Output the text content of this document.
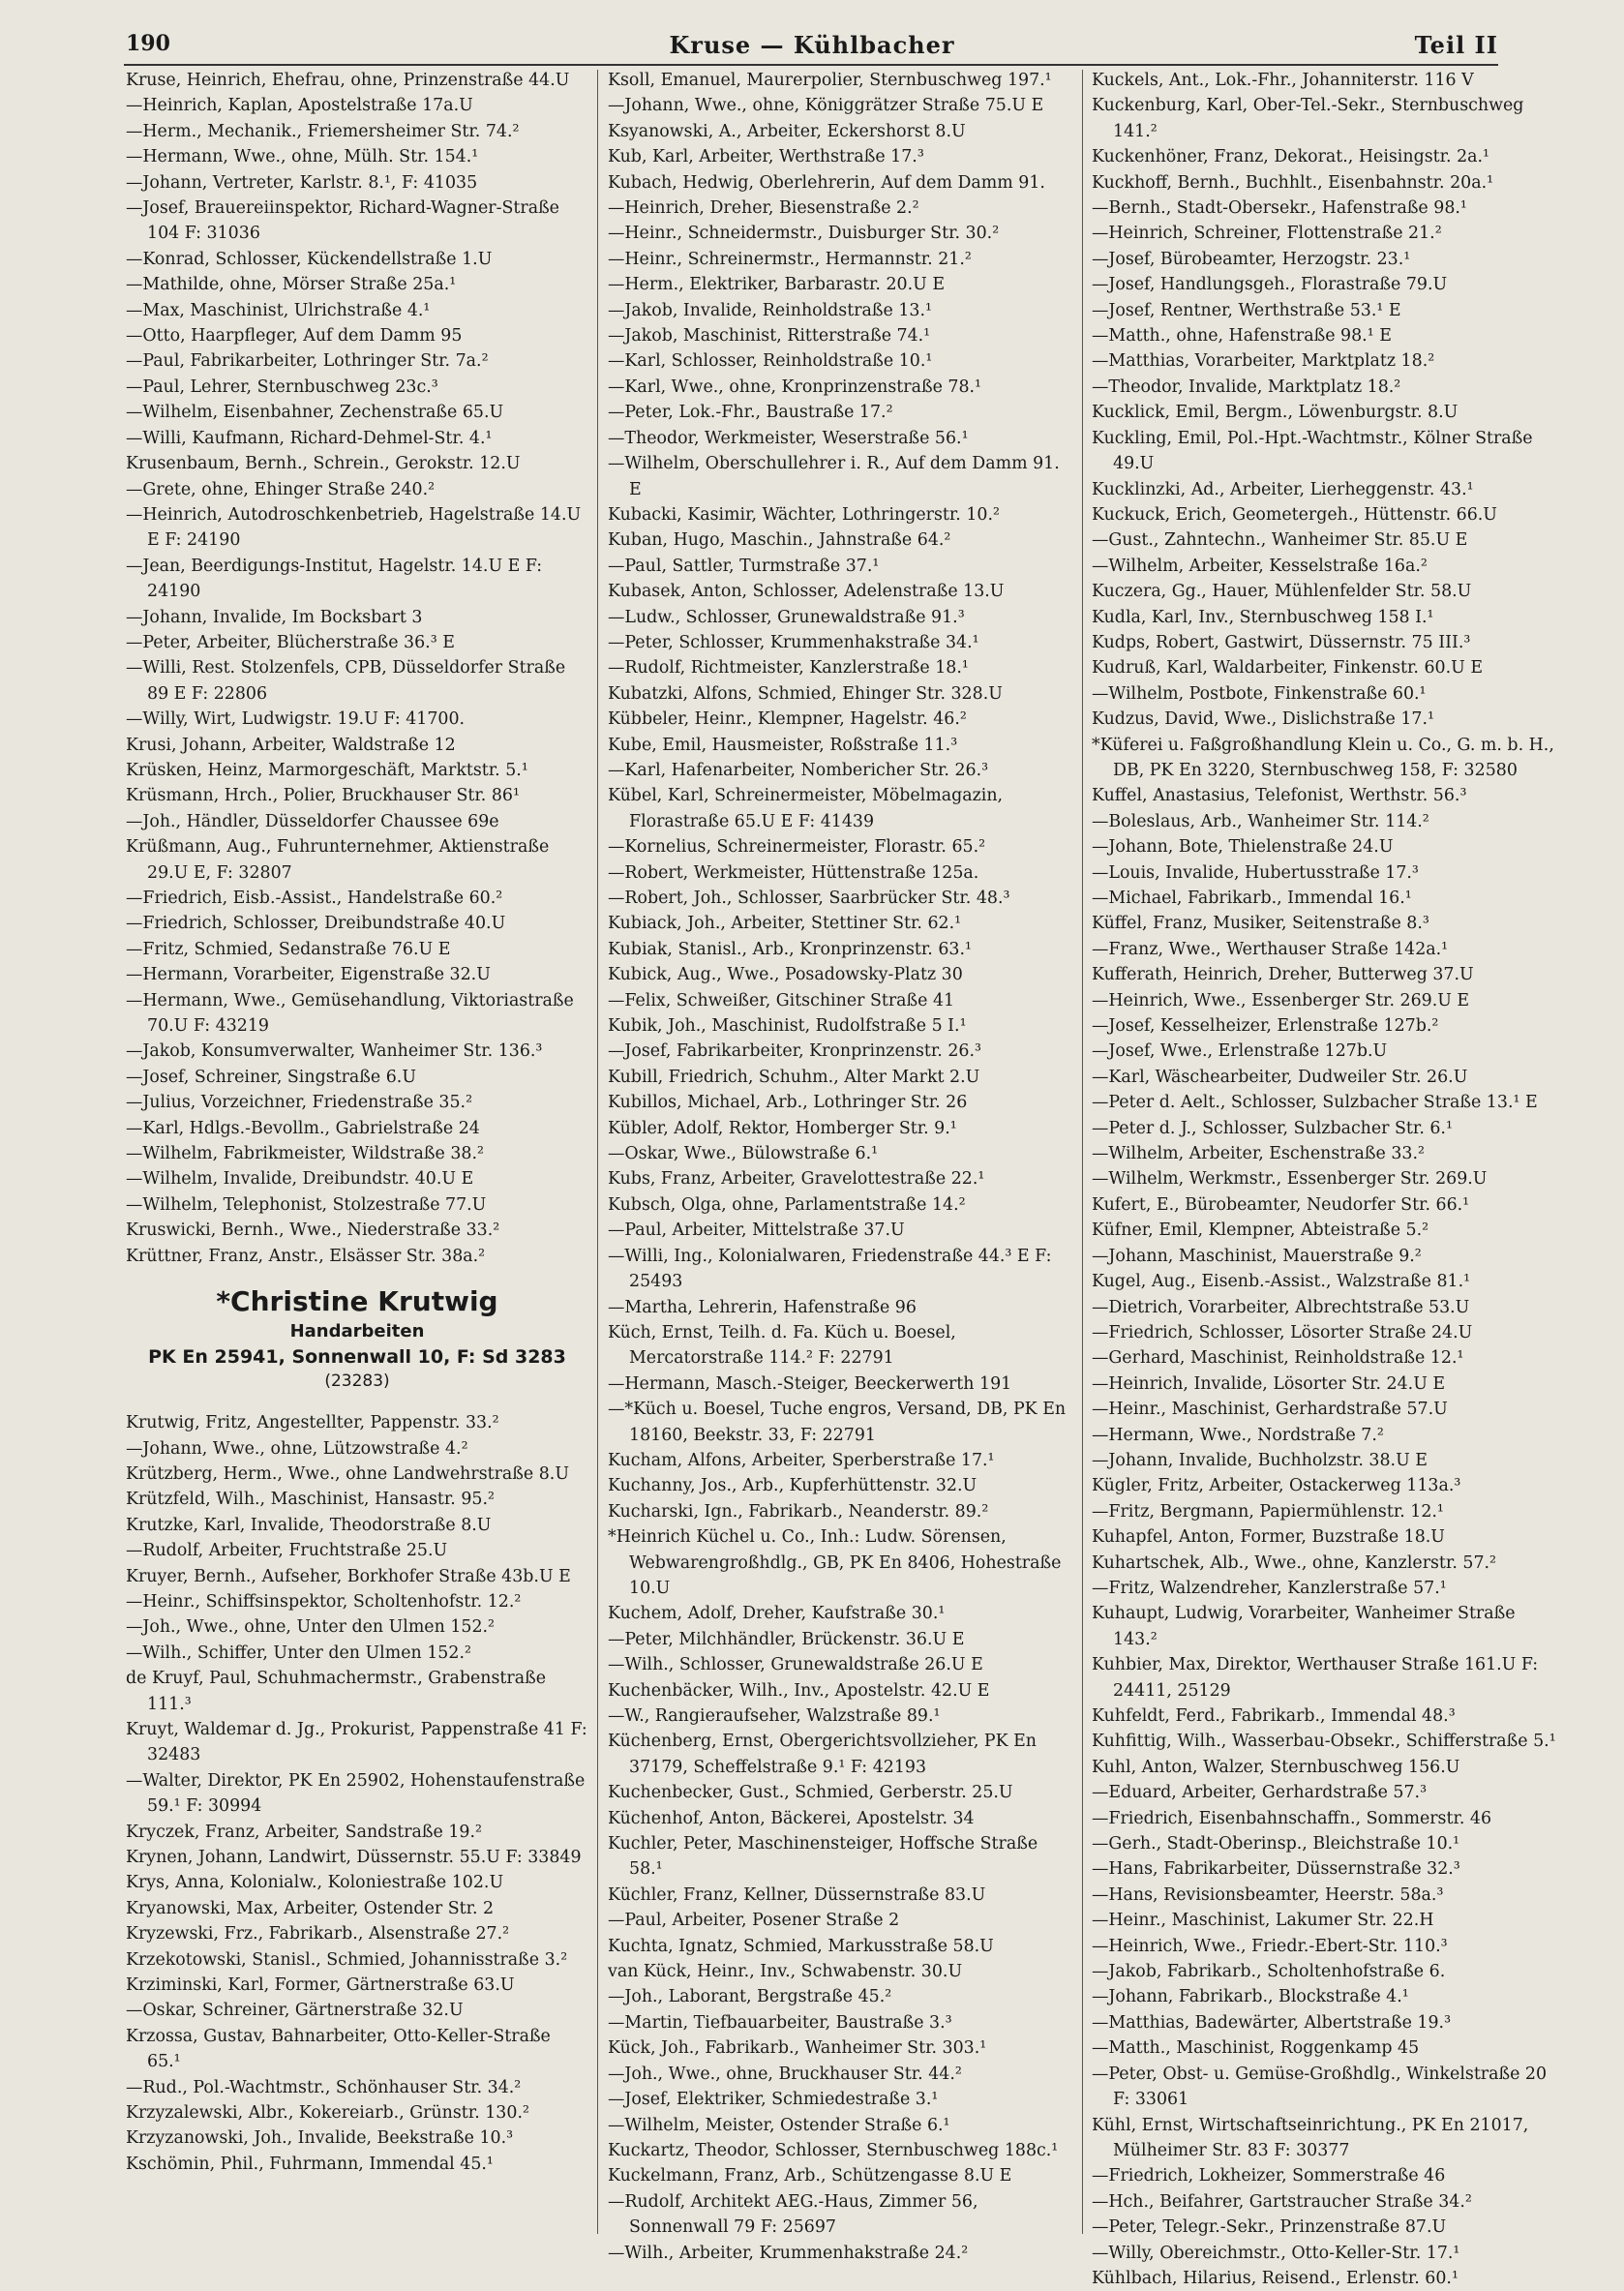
190	Kruse — Kühlbacher	Teil II
Kruse, Heinrich, Ehefrau, ohne, Prinzenstraße 44.U
—Heinrich, Kaplan, Apostelstraße 17a.U
—Herm., Mechanik., Friemersheimer Str. 74.²
—Hermann, Wwe., ohne, Mülh. Str. 154.¹
—Johann, Vertreter, Karlstr. 8.¹, F: 41035
—Josef, Brauereiinspektor, Richard-Wagner-Straße 104 F: 31036
—Konrad, Schlosser, Kückendellstraße 1.U
—Mathilde, ohne, Mörser Straße 25a.¹
—Max, Maschinist, Ulrichstraße 4.¹
—Otto, Haarpfleger, Auf dem Damm 95
—Paul, Fabrikarbeiter, Lothringer Str. 7a.²
—Paul, Lehrer, Sternbuschweg 23c.³
—Wilhelm, Eisenbahner, Zechenstraße 65.U
—Willi, Kaufmann, Richard-Dehmel-Str. 4.¹
Krusenbaum, Bernh., Schrein., Gerokstr. 12.U
—Grete, ohne, Ehinger Straße 240.²
—Heinrich, Autodroschkenbetrieb, Hagelstraße 14.U E F: 24190
—Jean, Beerdigungs-Institut, Hagelstr. 14.U E F: 24190
—Johann, Invalide, Im Bocksbart 3
—Peter, Arbeiter, Blücherstraße 36.³ E
—Willi, Rest. Stolzenfels, CPB, Düsseldorfer Straße 89 E F: 22806
—Willy, Wirt, Ludwigstr. 19.U F: 41700.
Krusi, Johann, Arbeiter, Waldstraße 12
Krüsken, Heinz, Marmorgeschäft, Marktstr. 5.¹
Krüsmann, Hrch., Polier, Bruckhauser Str. 86¹
—Joh., Händler, Düsseldorfer Chaussee 69e
Krüßmann, Aug., Fuhrunternehmer, Aktienstraße 29.U E, F: 32807
—Friedrich, Eisb.-Assist., Handelstraße 60.²
—Friedrich, Schlosser, Dreibundstraße 40.U
—Fritz, Schmied, Sedanstraße 76.U E
—Hermann, Vorarbeiter, Eigenstraße 32.U
—Hermann, Wwe., Gemüsehandlung, Viktoriastraße 70.U F: 43219
—Jakob, Konsumverwalter, Wanheimer Str. 136.³
—Josef, Schreiner, Singstraße 6.U
—Julius, Vorzeichner, Friedenstraße 35.²
—Karl, Hdlgs.-Bevollm., Gabrielstraße 24
—Wilhelm, Fabrikmeister, Wildstraße 38.²
—Wilhelm, Invalide, Dreibundstr. 40.U E
—Wilhelm, Telephonist, Stolzestraße 77.U
Kruswicki, Bernh., Wwe., Niederstraße 33.²
Krüttner, Franz, Anstr., Elsässer Str. 38a.²
*Christine Krutwig
Handarbeiten
PK En 25941, Sonnenwall 10, F: Sd 3283
(23283)
Krutwig, Fritz, Angestellter, Pappenstr. 33.²
—Johann, Wwe., ohne, Lützowstraße 4.²
Krützberg, Herm., Wwe., ohne Landwehrstraße 8.U
Krützfeld, Wilh., Maschinist, Hansastr. 95.²
Krutzke, Karl, Invalide, Theodorstraße 8.U
—Rudolf, Arbeiter, Fruchtstraße 25.U
Kruyer, Bernh., Aufseher, Borkhofer Straße 43b.U E
—Heinr., Schiffsinspektor, Scholtenhofstr. 12.²
—Joh., Wwe., ohne, Unter den Ulmen 152.²
—Wilh., Schiffer, Unter den Ulmen 152.²
de Kruyf, Paul, Schuhmachermstr., Grabenstraße 111.³
Kruyt, Waldemar d. Jg., Prokurist, Pappenstraße 41 F: 32483
—Walter, Direktor, PK En 25902, Hohenstaufenstraße 59.¹ F: 30994
Kryczek, Franz, Arbeiter, Sandstraße 19.²
Krynen, Johann, Landwirt, Düssernstr. 55.U F: 33849
Krys, Anna, Kolonialw., Koloniestraße 102.U
Kryanowski, Max, Arbeiter, Ostender Str. 2
Kryzewski, Frz., Fabrikarb., Alsenstraße 27.²
Krzekotowski, Stanisl., Schmied, Johannisstraße 3.²
Krziminski, Karl, Former, Gärtnerstraße 63.U
—Oskar, Schreiner, Gärtnerstraße 32.U
Krzossa, Gustav, Bahnarbeiter, Otto-Keller-Straße 65.¹
—Rud., Pol.-Wachtmstr., Schönhauser Str. 34.²
Krzyzalewski, Albr., Kokereiarb., Grünstr. 130.²
Krzyzanowski, Joh., Invalide, Beekstraße 10.³
Kschömin, Phil., Fuhrmann, Immendal 45.¹
Ksoll, Emanuel, Maurerpolier, Sternbuschweg 197.¹
—Johann, Wwe., ohne, Königgrätzer Straße 75.U E
Ksyanowski, A., Arbeiter, Eckershorst 8.U
Kub, Karl, Arbeiter, Werthstraße 17.³
Kubach, Hedwig, Oberlehrerin, Auf dem Damm 91.
—Heinrich, Dreher, Biesenstraße 2.²
—Heinr., Schneidermstr., Duisburger Str. 30.²
—Heinr., Schreinermstr., Hermannstr. 21.²
—Herm., Elektriker, Barbarastr. 20.U E
—Jakob, Invalide, Reinholdstraße 13.¹
—Jakob, Maschinist, Ritterstraße 74.¹
—Karl, Schlosser, Reinholdstraße 10.¹
—Karl, Wwe., ohne, Kronprinzenstraße 78.¹
—Peter, Lok.-Fhr., Baustraße 17.²
—Theodor, Werkmeister, Weserstraße 56.¹
—Wilhelm, Oberschullehrer i. R., Auf dem Damm 91. E
Kubacki, Kasimir, Wächter, Lothringerstr. 10.²
Kuban, Hugo, Maschin., Jahnstraße 64.²
—Paul, Sattler, Turmstraße 37.¹
Kubasek, Anton, Schlosser, Adelenstraße 13.U
—Ludw., Schlosser, Grunewaldstraße 91.³
—Peter, Schlosser, Krummenhakstraße 34.¹
—Rudolf, Richtmeister, Kanzlerstraße 18.¹
Kubatzki, Alfons, Schmied, Ehinger Str. 328.U
Kübbeler, Heinr., Klempner, Hagelstr. 46.²
Kube, Emil, Hausmeister, Roßstraße 11.³
—Karl, Hafenarbeiter, Nombericher Str. 26.³
Kübel, Karl, Schreinermeister, Möbelmagazin, Florastraße 65.U E F: 41439
—Kornelius, Schreinermeister, Florastr. 65.²
—Robert, Werkmeister, Hüttenstraße 125a.
—Robert, Joh., Schlosser, Saarbrücker Str. 48.³
Kubiack, Joh., Arbeiter, Stettiner Str. 62.¹
Kubiak, Stanisl., Arb., Kronprinzenstr. 63.¹
Kubick, Aug., Wwe., Posadowsky-Platz 30
—Felix, Schweißer, Gitschiner Straße 41
Kubik, Joh., Maschinist, Rudolfstraße 5 I.¹
—Josef, Fabrikarbeiter, Kronprinzenstr. 26.³
Kubill, Friedrich, Schuhm., Alter Markt 2.U
Kubillos, Michael, Arb., Lothringer Str. 26
Kübler, Adolf, Rektor, Homberger Str. 9.¹
—Oskar, Wwe., Bülowstraße 6.¹
Kubs, Franz, Arbeiter, Gravelottestraße 22.¹
Kubsch, Olga, ohne, Parlamentstraße 14.²
—Paul, Arbeiter, Mittelstraße 37.U
—Willi, Ing., Kolonialwaren, Friedenstraße 44.³ E F: 25493
—Martha, Lehrerin, Hafenstraße 96
Küch, Ernst, Teilh. d. Fa. Küch u. Boesel, Mercatorstraße 114.² F: 22791
—Hermann, Masch.-Steiger, Beeckerwerth 191
—*Küch u. Boesel, Tuche engros, Versand, DB, PK En 18160, Beekstr. 33, F: 22791
Kucham, Alfons, Arbeiter, Sperberstraße 17.¹
Kuchanny, Jos., Arb., Kupferhüttenstr. 32.U
Kucharski, Ign., Fabrikarb., Neanderstr. 89.²
*Heinrich Küchel u. Co., Inh.: Ludw. Sörensen, Webwarengroßhdlg., GB, PK En 8406, Hohestraße 10.U
Kuchem, Adolf, Dreher, Kaufstraße 30.¹
—Peter, Milchhändler, Brückenstr. 36.U E
—Wilh., Schlosser, Grunewaldstraße 26.U E
Kuchenbäcker, Wilh., Inv., Apostelstr. 42.U E
—W., Rangieraufseher, Walzstraße 89.¹
Küchenberg, Ernst, Obergerichtsvollzieher, PK En 37179, Scheffelstraße 9.¹ F: 42193
Kuchenbecker, Gust., Schmied, Gerberstr. 25.U
Küchenhof, Anton, Bäckerei, Apostelstr. 34
Kuchler, Peter, Maschinensteiger, Hoffsche Straße 58.¹
Küchler, Franz, Kellner, Düssernstraße 83.U
—Paul, Arbeiter, Posener Straße 2
Kuchta, Ignatz, Schmied, Markusstraße 58.U
van Kück, Heinr., Inv., Schwabenstr. 30.U
—Joh., Laborant, Bergstraße 45.²
—Martin, Tiefbauarbeiter, Baustraße 3.³
Kück, Joh., Fabrikarb., Wanheimer Str. 303.¹
—Joh., Wwe., ohne, Bruckhauser Str. 44.²
—Josef, Elektriker, Schmiedestraße 3.¹
—Wilhelm, Meister, Ostender Straße 6.¹
Kuckartz, Theodor, Schlosser, Sternbuschweg 188c.¹
Kuckelmann, Franz, Arb., Schützengasse 8.U E
—Rudolf, Architekt AEG.-Haus, Zimmer 56, Sonnenwall 79 F: 25697
—Wilh., Arbeiter, Krummenhakstraße 24.²
Kuckels, Ant., Lok.-Fhr., Johanniterstr. 116 V
Kuckenburg, Karl, Ober-Tel.-Sekr., Sternbuschweg 141.²
Kuckenhöner, Franz, Dekorat., Heisingstr. 2a.¹
Kuckhoff, Bernh., Buchhlt., Eisenbahnstr. 20a.¹
—Bernh., Stadt-Obersekr., Hafenstraße 98.¹
—Heinrich, Schreiner, Flottenstraße 21.²
—Josef, Bürobeamter, Herzogstr. 23.¹
—Josef, Handlungsgeh., Florastraße 79.U
—Josef, Rentner, Werthstraße 53.¹ E
—Matth., ohne, Hafenstraße 98.¹ E
—Matthias, Vorarbeiter, Marktplatz 18.²
—Theodor, Invalide, Marktplatz 18.²
Kucklick, Emil, Bergm., Löwenburgstr. 8.U
Kuckling, Emil, Pol.-Hpt.-Wachtmstr., Kölner Straße 49.U
Kucklinzki, Ad., Arbeiter, Lierheggenstr. 43.¹
Kuckuck, Erich, Geometergeh., Hüttenstr. 66.U
—Gust., Zahntechn., Wanheimer Str. 85.U E
—Wilhelm, Arbeiter, Kesselstraße 16a.²
Kuczera, Gg., Hauer, Mühlenfelder Str. 58.U
Kudla, Karl, Inv., Sternbuschweg 158 I.¹
Kudps, Robert, Gastwirt, Düssernstr. 75 III.³
Kudruß, Karl, Waldarbeiter, Finkenstr. 60.U E
—Wilhelm, Postbote, Finkenstraße 60.¹
Kudzus, David, Wwe., Dislichstraße 17.¹
*Küferei u. Faßgroßhandlung Klein u. Co., G. m. b. H., DB, PK En 3220, Sternbuschweg 158, F: 32580
Kuffel, Anastasius, Telefonist, Werthstr. 56.³
—Boleslaus, Arb., Wanheimer Str. 114.²
—Johann, Bote, Thielenstraße 24.U
—Louis, Invalide, Hubertusstraße 17.³
—Michael, Fabrikarb., Immendal 16.¹
Küffel, Franz, Musiker, Seitenstraße 8.³
—Franz, Wwe., Werthauser Straße 142a.¹
Kufferath, Heinrich, Dreher, Butterweg 37.U
—Heinrich, Wwe., Essenberger Str. 269.U E
—Josef, Kesselheizer, Erlenstraße 127b.²
—Josef, Wwe., Erlenstraße 127b.U
—Karl, Wäschearbeiter, Dudweiler Str. 26.U
—Peter d. Aelt., Schlosser, Sulzbacher Straße 13.¹ E
—Peter d. J., Schlosser, Sulzbacher Str. 6.¹
—Wilhelm, Arbeiter, Eschenstraße 33.²
—Wilhelm, Werkmstr., Essenberger Str. 269.U
Kufert, E., Bürobeamter, Neudorfer Str. 66.¹
Küfner, Emil, Klempner, Abteistraße 5.²
—Johann, Maschinist, Mauerstraße 9.²
Kugel, Aug., Eisenb.-Assist., Walzstraße 81.¹
—Dietrich, Vorarbeiter, Albrechtstraße 53.U
—Friedrich, Schlosser, Lösorter Straße 24.U
—Gerhard, Maschinist, Reinholdstraße 12.¹
—Heinrich, Invalide, Lösorter Str. 24.U E
—Heinr., Maschinist, Gerhardstraße 57.U
—Hermann, Wwe., Nordstraße 7.²
—Johann, Invalide, Buchholzstr. 38.U E
Kügler, Fritz, Arbeiter, Ostackerweg 113a.³
—Fritz, Bergmann, Papiermühlenstr. 12.¹
Kuhapfel, Anton, Former, Buzstraße 18.U
Kuhartschek, Alb., Wwe., ohne, Kanzlerstr. 57.²
—Fritz, Walzendreher, Kanzlerstraße 57.¹
Kuhaupt, Ludwig, Vorarbeiter, Wanheimer Straße 143.²
Kuhbier, Max, Direktor, Werthauser Straße 161.U F: 24411, 25129
Kuhfeldt, Ferd., Fabrikarb., Immendal 48.³
Kuhfittig, Wilh., Wasserbau-Obsekr., Schifferstraße 5.¹
Kuhl, Anton, Walzer, Sternbuschweg 156.U
—Eduard, Arbeiter, Gerhardstraße 57.³
—Friedrich, Eisenbahnschaffn., Sommerstr. 46
—Gerh., Stadt-Oberinsp., Bleichstraße 10.¹
—Hans, Fabrikarbeiter, Düssernstraße 32.³
—Hans, Revisionsbeamter, Heerstr. 58a.³
—Heinr., Maschinist, Lakumer Str. 22.H
—Heinrich, Wwe., Friedr.-Ebert-Str. 110.³
—Jakob, Fabrikarb., Scholtenhofstraße 6.
—Johann, Fabrikarb., Blockstraße 4.¹
—Matthias, Badewärter, Albertstraße 19.³
—Matth., Maschinist, Roggenkamp 45
—Peter, Obst- u. Gemüse-Großhdlg., Winkelstraße 20 F: 33061
Kühl, Ernst, Wirtschaftseinrichtung., PK En 21017, Mülheimer Str. 83 F: 30377
—Friedrich, Lokheizer, Sommerstraße 46
—Hch., Beifahrer, Gartstraucher Straße 34.²
—Peter, Telegr.-Sekr., Prinzenstraße 87.U
—Willy, Obereichmstr., Otto-Keller-Str. 17.¹
Kühlbach, Hilarius, Reisend., Erlenstr. 60.¹
